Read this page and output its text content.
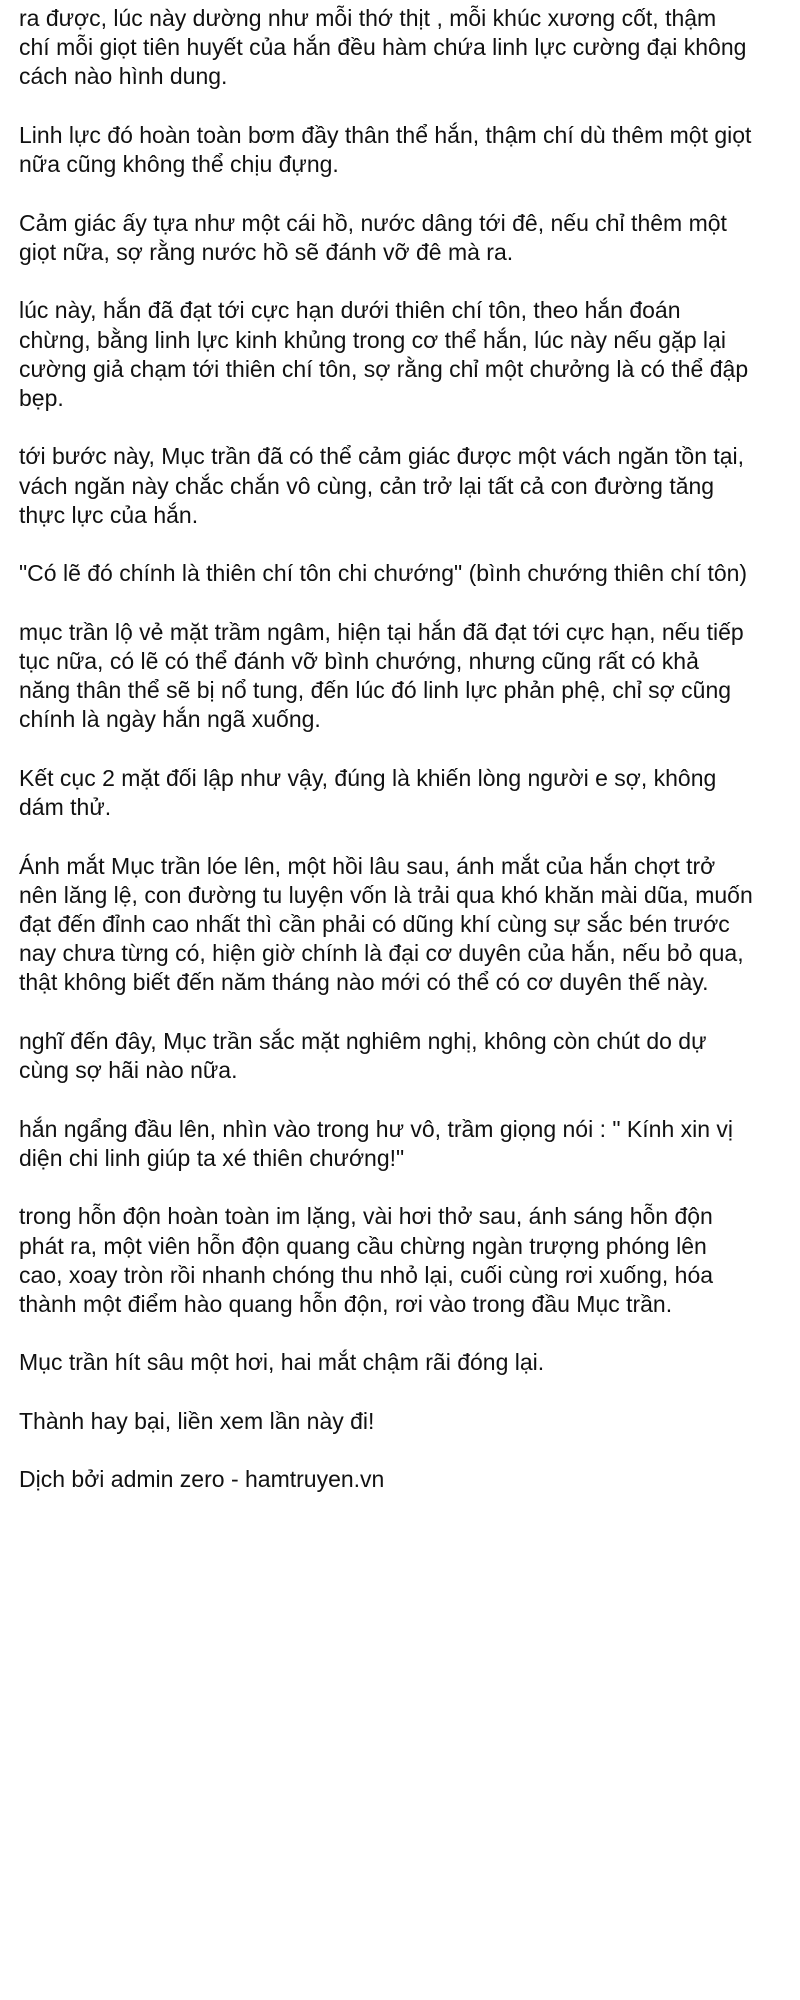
ra được, lúc này dường như mỗi thớ thịt , mỗi khúc xương cốt, thậm
chí mỗi giọt tiên huyết của hắn đều hàm chứa linh lực cường đại không
cách nào hình dung.

Linh lực đó hoàn toàn bơm đầy thân thể hắn, thậm chí dù thêm một giọt
nữa cũng không thể chịu đựng.

Cảm giác ấy tựa như một cái hồ, nước dâng tới đê, nếu chỉ thêm một
giọt nữa, sợ rằng nước hồ sẽ đánh vỡ đê mà ra.

lúc này, hắn đã đạt tới cực hạn dưới thiên chí tôn, theo hắn đoán
chừng, bằng linh lực kinh khủng trong cơ thể hắn, lúc này nếu gặp lại
cường giả chạm tới thiên chí tôn, sợ rằng chỉ một chưởng là có thể đập
bẹp.

tới bước này, Mục trần đã có thể cảm giác được một vách ngăn tồn tại,
vách ngăn này chắc chắn vô cùng, cản trở lại tất cả con đường tăng
thực lực của hắn.

"Có lẽ đó chính là thiên chí tôn chi chướng" (bình chướng thiên chí tôn)

mục trần lộ vẻ mặt trầm ngâm, hiện tại hắn đã đạt tới cực hạn, nếu tiếp
tục nữa, có lẽ có thể đánh vỡ bình chướng, nhưng cũng rất có khả
năng thân thể sẽ bị nổ tung, đến lúc đó linh lực phản phệ, chỉ sợ cũng
chính là ngày hắn ngã xuống.

Kết cục 2 mặt đối lập như vậy, đúng là khiến lòng người e sợ, không
dám thử.

Ánh mắt Mục trần lóe lên, một hồi lâu sau, ánh mắt của hắn chợt trở
nên lăng lệ, con đường tu luyện vốn là trải qua khó khăn mài dũa, muốn
đạt đến đỉnh cao nhất thì cần phải có dũng khí cùng sự sắc bén trước
nay chưa từng có, hiện giờ chính là đại cơ duyên của hắn, nếu bỏ qua,
thật không biết đến năm tháng nào mới có thể có cơ duyên thế này.

nghĩ đến đây, Mục trần sắc mặt nghiêm nghị, không còn chút do dự
cùng sợ hãi nào nữa.

hắn ngẩng đầu lên, nhìn vào trong hư vô, trầm giọng nói : " Kính xin vị
diện chi linh giúp ta xé thiên chướng!"

trong hỗn độn hoàn toàn im lặng, vài hơi thở sau, ánh sáng hỗn độn
phát ra, một viên hỗn độn quang cầu chừng ngàn trượng phóng lên
cao, xoay tròn rồi nhanh chóng thu nhỏ lại, cuối cùng rơi xuống, hóa
thành một điểm hào quang hỗn độn, rơi vào trong đầu Mục trần.

Mục trần hít sâu một hơi, hai mắt chậm rãi đóng lại.

Thành hay bại, liền xem lần này đi!

Dịch bởi admin zero - hamtruyen.vn
